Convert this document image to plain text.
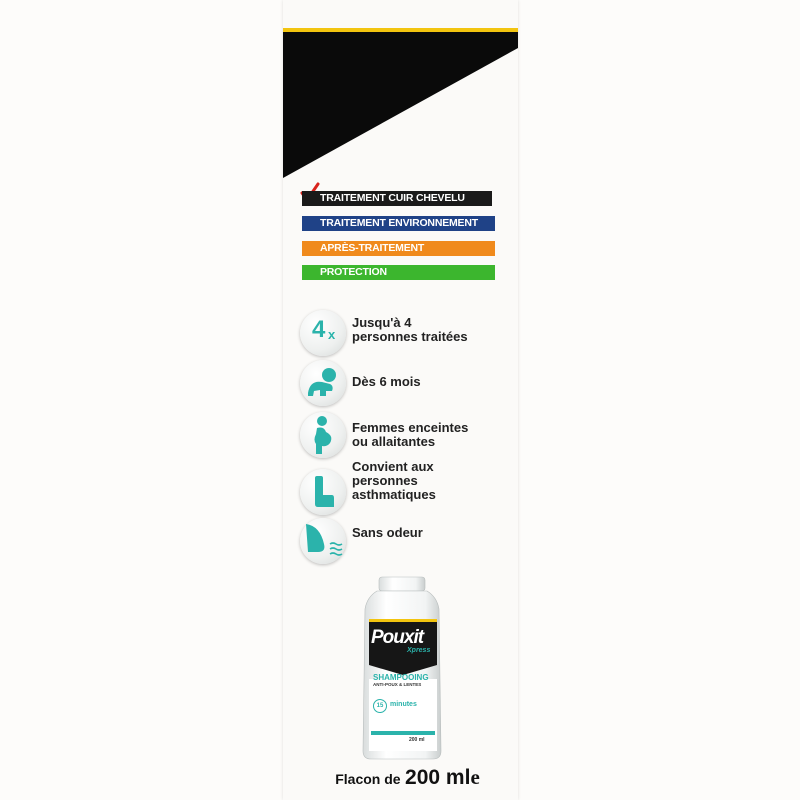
TRAITEMENT CUIR CHEVELU
TRAITEMENT ENVIRONNEMENT
APRÈS-TRAITEMENT
PROTECTION
4 x
Jusqu'à 4
personnes traitées
Dès 6 mois
Femmes enceintes
ou allaitantes
Convient aux
personnes
asthmatiques
Sans odeur
Pouxit
Xpress
SHAMPOOING
ANTI-POUX & LENTES
15 minutes
200 ml
Flacon de 200 mle
